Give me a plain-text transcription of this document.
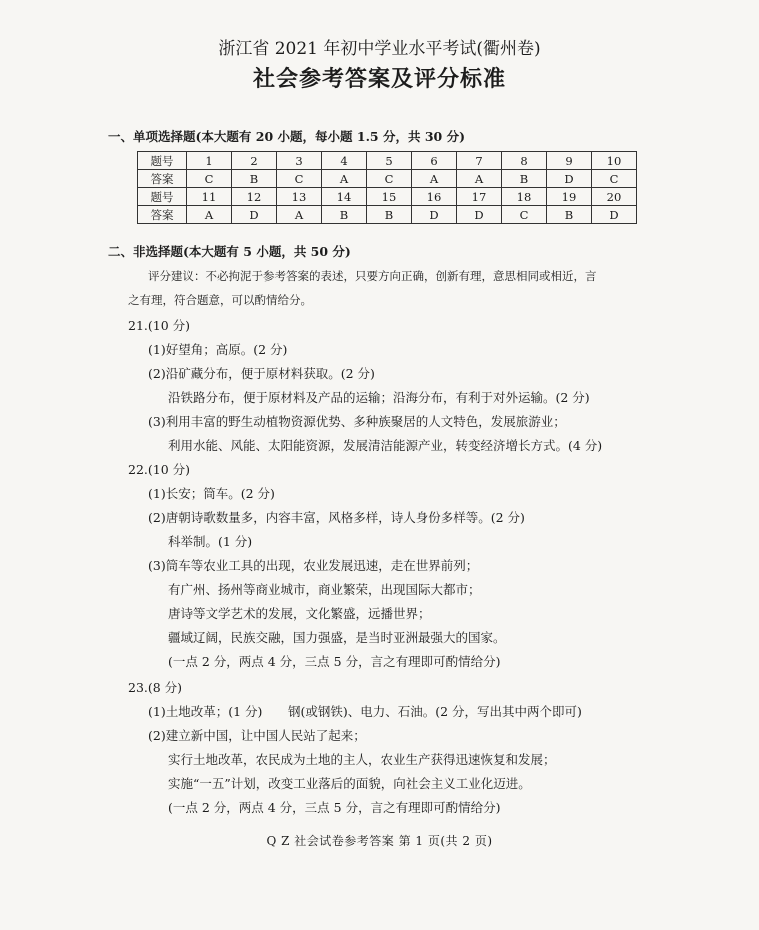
浙江省 2021 年初中学业水平考试(衢州卷)
社会参考答案及评分标准
一、单项选择题(本大题有 20 小题，每小题 1.5 分，共 30 分)
题号	1	2	3	4	5	6	7	8	9	10
答案	C	B	C	A	C	A	A	B	D	C
题号	11	12	13	14	15	16	17	18	19	20
答案	A	D	A	B	B	D	D	C	B	D
二、非选择题(本大题有 5 小题，共 50 分)
评分建议：不必拘泥于参考答案的表述，只要方向正确，创新有理，意思相同或相近，言
之有理，符合题意，可以酌情给分。
21.(10 分)
(1)好望角；高原。(2 分)
(2)沿矿藏分布，便于原材料获取。(2 分)
沿铁路分布，便于原材料及产品的运输；沿海分布，有利于对外运输。(2 分)
(3)利用丰富的野生动植物资源优势、多种族聚居的人文特色，发展旅游业；
利用水能、风能、太阳能资源，发展清洁能源产业，转变经济增长方式。(4 分)
22.(10 分)
(1)长安；筒车。(2 分)
(2)唐朝诗歌数量多，内容丰富，风格多样，诗人身份多样等。(2 分)
科举制。(1 分)
(3)筒车等农业工具的出现，农业发展迅速，走在世界前列；
有广州、扬州等商业城市，商业繁荣，出现国际大都市；
唐诗等文学艺术的发展，文化繁盛，远播世界；
疆域辽阔，民族交融，国力强盛，是当时亚洲最强大的国家。
(一点 2 分，两点 4 分，三点 5 分，言之有理即可酌情给分)
23.(8 分)
(1)土地改革；(1 分) 钢(或钢铁)、电力、石油。(2 分，写出其中两个即可)
(2)建立新中国，让中国人民站了起来；
实行土地改革，农民成为土地的主人，农业生产获得迅速恢复和发展；
实施“一五”计划，改变工业落后的面貌，向社会主义工业化迈进。
(一点 2 分，两点 4 分，三点 5 分，言之有理即可酌情给分)
Q Z 社会试卷参考答案 第 1 页(共 2 页)
